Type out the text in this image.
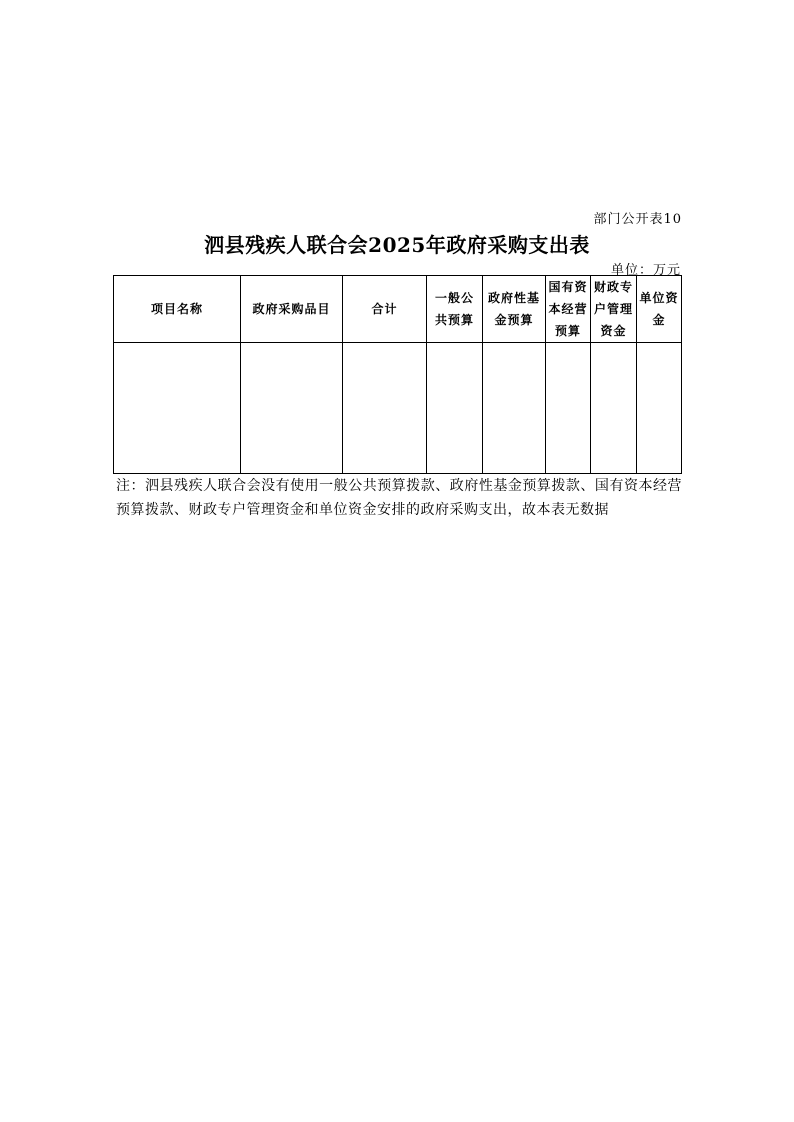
部门公开表10
泗县残疾人联合会2025年政府采购支出表
单位：万元
项目名称	政府采购品目	合计	一般公共预算	政府性基金预算	国有资本经营预算	财政专户管理资金	单位资金

注：泗县残疾人联合会没有使用一般公共预算拨款、政府性基金预算拨款、国有资本经营预算拨款、财政专户管理资金和单位资金安排的政府采购支出，故本表无数据
